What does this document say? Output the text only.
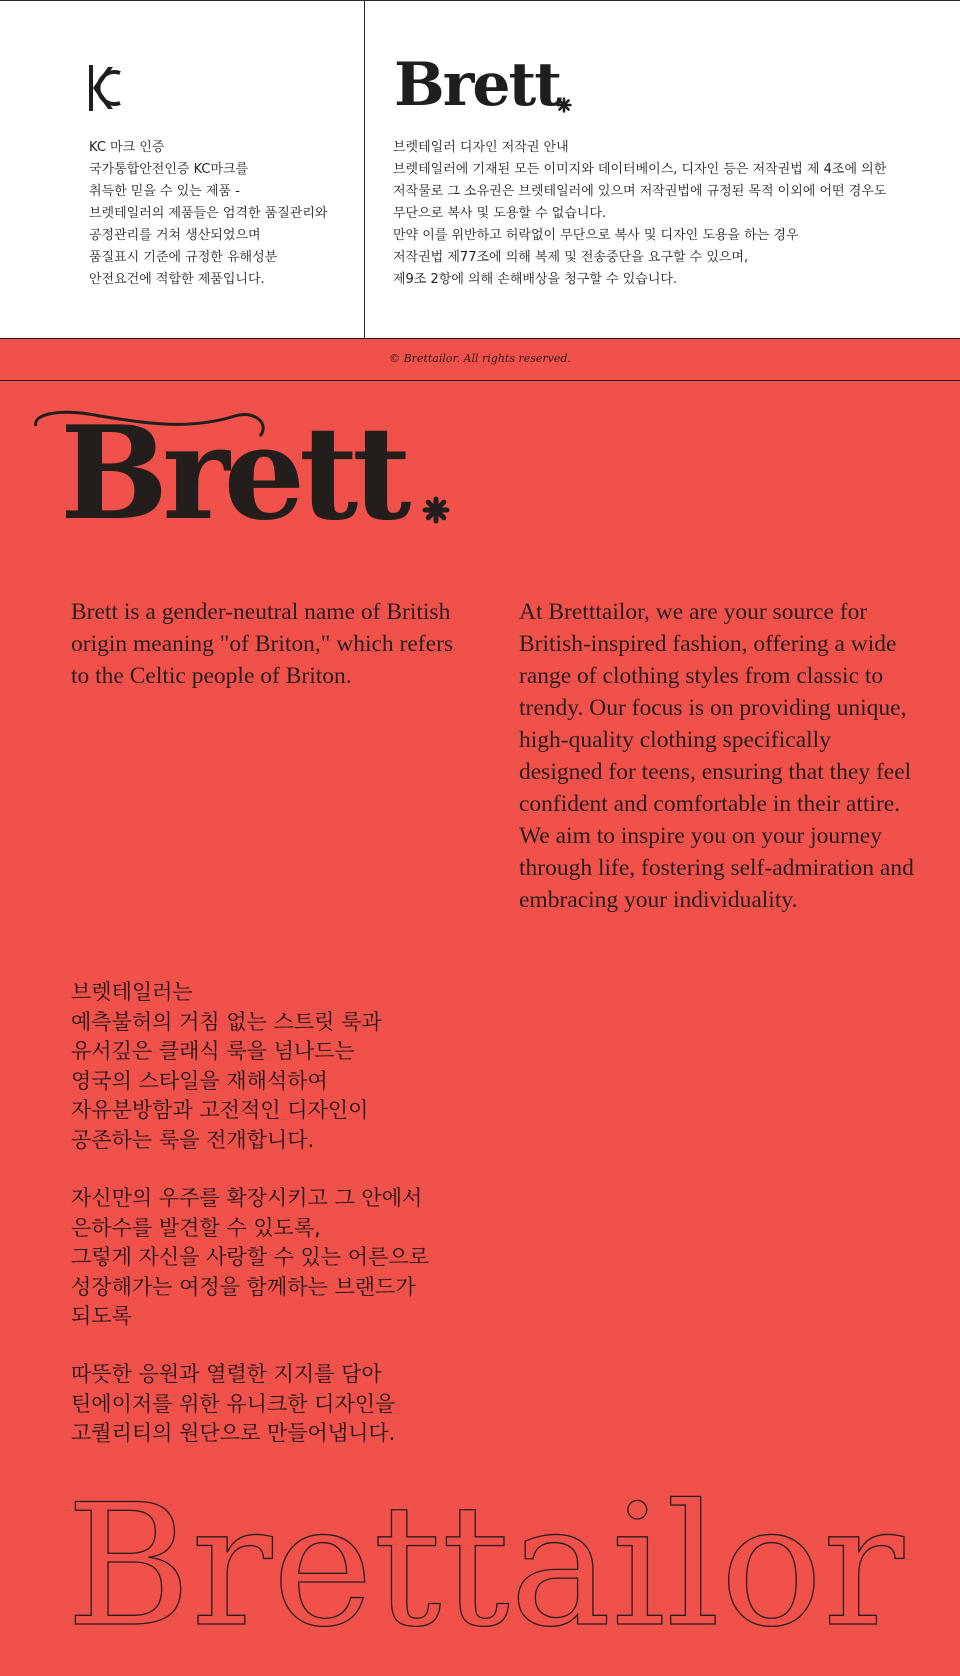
KC 마크 인증
국가통합안전인증 KC마크를
취득한 믿을 수 있는 제품 -
브렛테일러의 제품들은 엄격한 품질관리와
공정관리를 거쳐 생산되었으며
품질표시 기준에 규정한 유해성분
안전요건에 적합한 제품입니다.
Brett
브렛테일러 디자인 저작권 안내
브렛테일러에 기재된 모든 이미지와 데이터베이스, 디자인 등은 저작권법 제 4조에 의한
저작물로 그 소유권은 브렛테일러에 있으며 저작권법에 규정된 목적 이외에 어떤 경우도
무단으로 복사 및 도용할 수 없습니다.
만약 이를 위반하고 허락없이 무단으로 복사 및 디자인 도용을 하는 경우
저작권법 제77조에 의해 복제 및 전송중단을 요구할 수 있으며,
제9조 2항에 의해 손해배상을 청구할 수 있습니다.
© Brettailor. All rights reserved.
Brett

Brett is a gender-neutral name of British origin meaning "of Briton," which refers to the Celtic people of Briton.

At Bretttailor, we are your source for British-inspired fashion, offering a wide range of clothing styles from classic to trendy. Our focus is on providing unique, high-quality clothing specifically designed for teens, ensuring that they feel confident and comfortable in their attire. We aim to inspire you on your journey through life, fostering self-admiration and embracing your individuality.

브렛테일러는
예측불허의 거침 없는 스트릿 룩과
유서깊은 클래식 룩을 넘나드는
영국의 스타일을 재해석하여
자유분방함과 고전적인 디자인이
공존하는 룩을 전개합니다.
자신만의 우주를 확장시키고 그 안에서
은하수를 발견할 수 있도록,
그렇게 자신을 사랑할 수 있는 어른으로
성장해가는 여정을 함께하는 브랜드가
되도록
따뜻한 응원과 열렬한 지지를 담아
틴에이저를 위한 유니크한 디자인을
고퀄리티의 원단으로 만들어냅니다.
Brettailor
